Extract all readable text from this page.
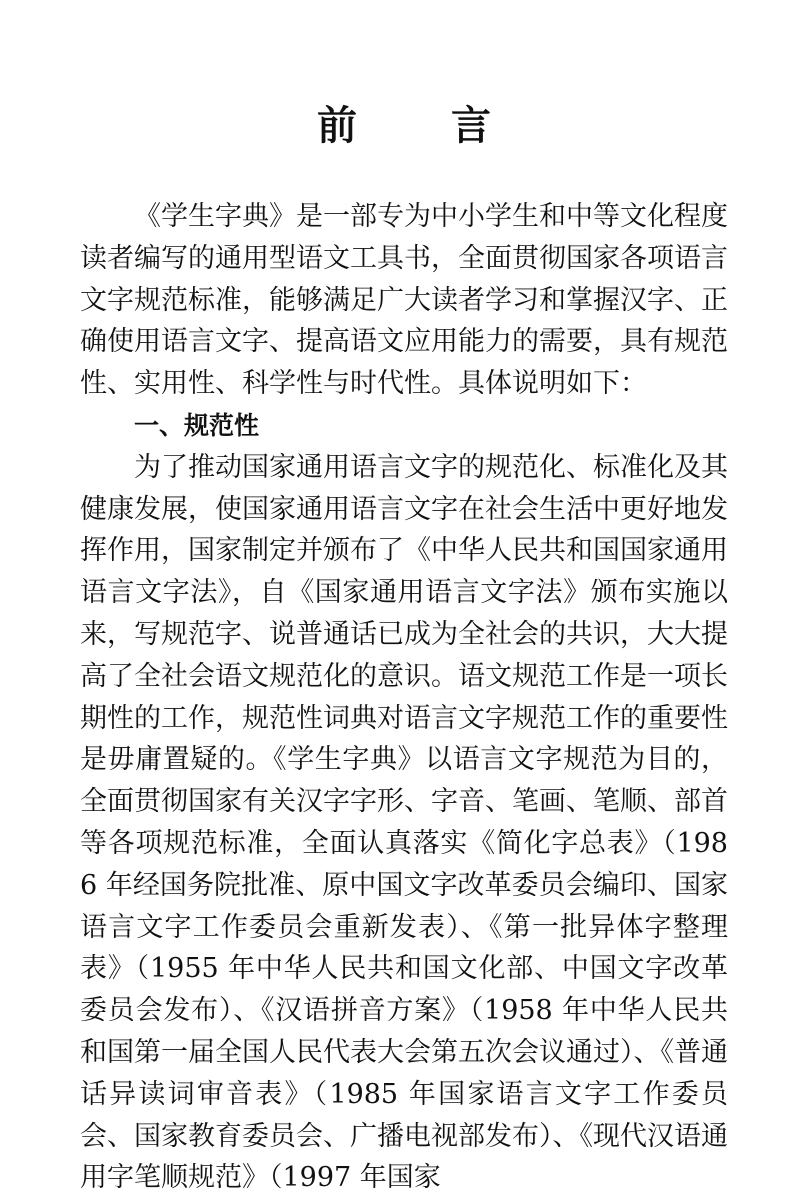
前 言

《学生字典》是一部专为中小学生和中等文化程度读者编写的通用型语文工具书，全面贯彻国家各项语言文字规范标准，能够满足广大读者学习和掌握汉字、正确使用语言文字、提高语文应用能力的需要，具有规范性、实用性、科学性与时代性。具体说明如下：

一、规范性

为了推动国家通用语言文字的规范化、标准化及其健康发展，使国家通用语言文字在社会生活中更好地发挥作用，国家制定并颁布了《中华人民共和国国家通用语言文字法》，自《国家通用语言文字法》颁布实施以来，写规范字、说普通话已成为全社会的共识，大大提高了全社会语文规范化的意识。语文规范工作是一项长期性的工作，规范性词典对语言文字规范工作的重要性是毋庸置疑的。《学生字典》以语言文字规范为目的，全面贯彻国家有关汉字字形、字音、笔画、笔顺、部首等各项规范标准，全面认真落实《简化字总表》（1986 年经国务院批准、原中国文字改革委员会编印、国家语言文字工作委员会重新发表）、《第一批异体字整理表》（1955 年中华人民共和国文化部、中国文字改革委员会发布）、《汉语拼音方案》（1958 年中华人民共和国第一届全国人民代表大会第五次会议通过）、《普通话异读词审音表》（1985 年国家语言文字工作委员会、国家教育委员会、广播电视部发布）、《现代汉语通用字笔顺规范》（1997 年国家
